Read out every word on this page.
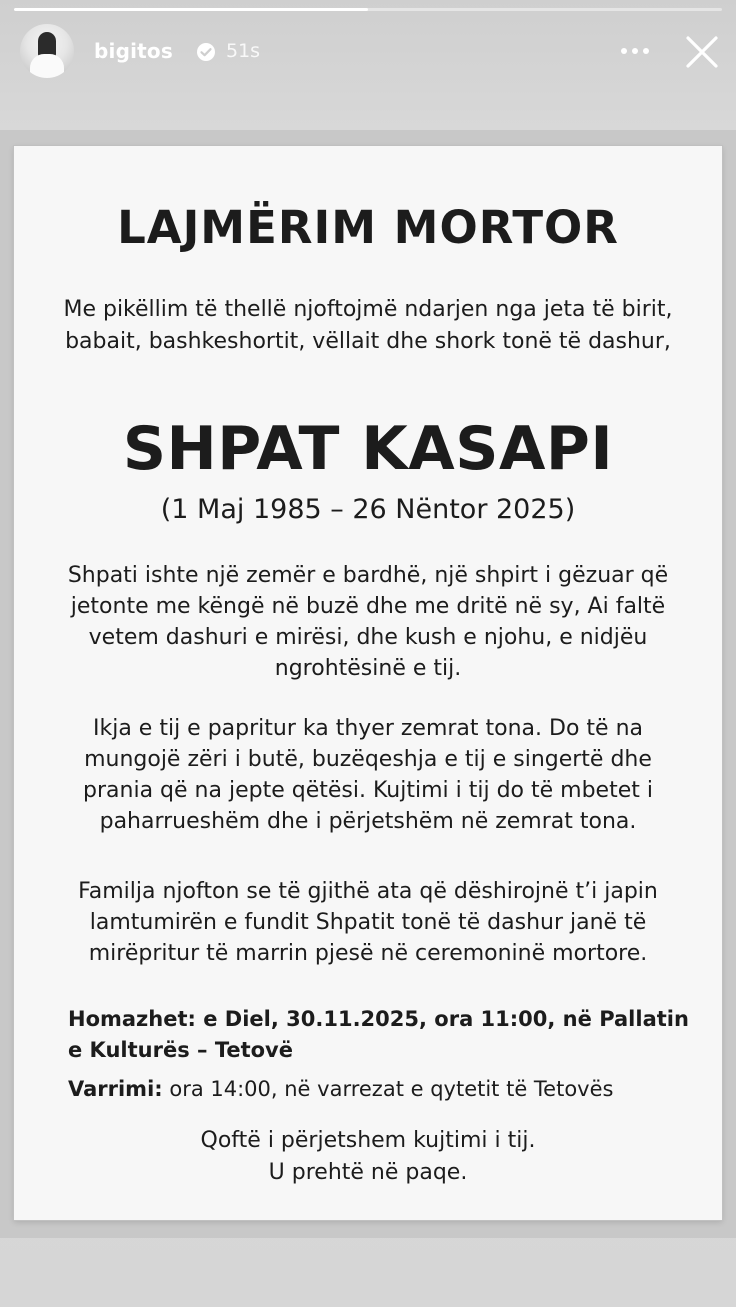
bigitos	51s
LAJMËRIM MORTOR
Me pikëllim të thellë njoftojmë ndarjen nga jeta të birit, babait, bashkeshortit, vëllait dhe shork tonë të dashur,
SHPAT KASAPI
(1 Maj 1985 – 26 Nëntor 2025)
Shpati ishte një zemër e bardhë, një shpirt i gëzuar që jetonte me këngë në buzë dhe me dritë në sy, Ai faltë vetem dashuri e mirësi, dhe kush e njohu, e nidjëu ngrohtësinë e tij.
Ikja e tij e papritur ka thyer zemrat tona. Do të na mungojë zëri i butë, buzëqeshja e tij e singertë dhe prania që na jepte qëtësi. Kujtimi i tij do të mbetet i paharrueshëm dhe i përjetshëm në zemrat tona.
Familja njofton se të gjithë ata që dëshirojnë t’i japin lamtumirën e fundit Shpatit tonë të dashur janë të mirëpritur të marrin pjesë në ceremoninë mortore.
Homazhet: e Diel, 30.11.2025, ora 11:00, në Pallatin e Kulturës – Tetovë
Varrimi: ora 14:00, në varrezat e qytetit të Tetovës
Qoftë i përjetshem kujtimi i tij.
U prehtë në paqe.
